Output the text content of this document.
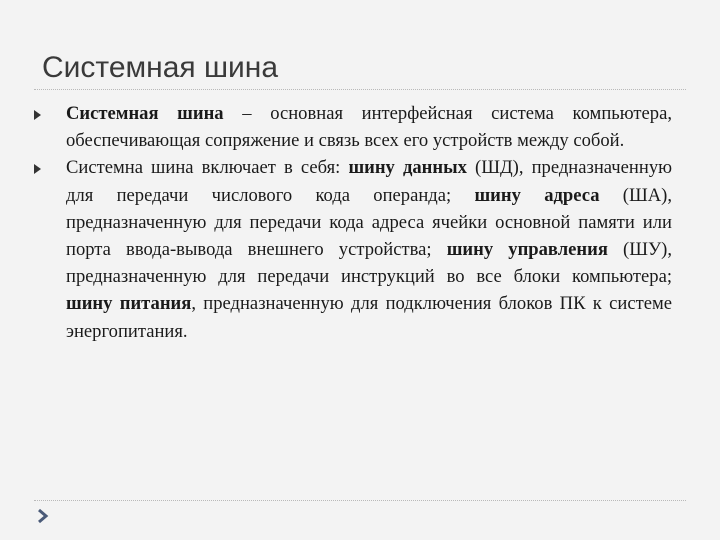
Системная шина
Системная шина – основная интерфейсная система компьютера, обеспечивающая сопряжение и связь всех его устройств между собой.
Системна шина включает в себя: шину данных (ШД), предназначенную для передачи числового кода операнда; шину адреса (ША), предназначенную для передачи кода адреса ячейки основной памяти или порта ввода-вывода внешнего устройства; шину управления (ШУ), предназначенную для передачи инструкций во все блоки компьютера; шину питания, предназначенную для подключения блоков ПК к системе энергопитания.
